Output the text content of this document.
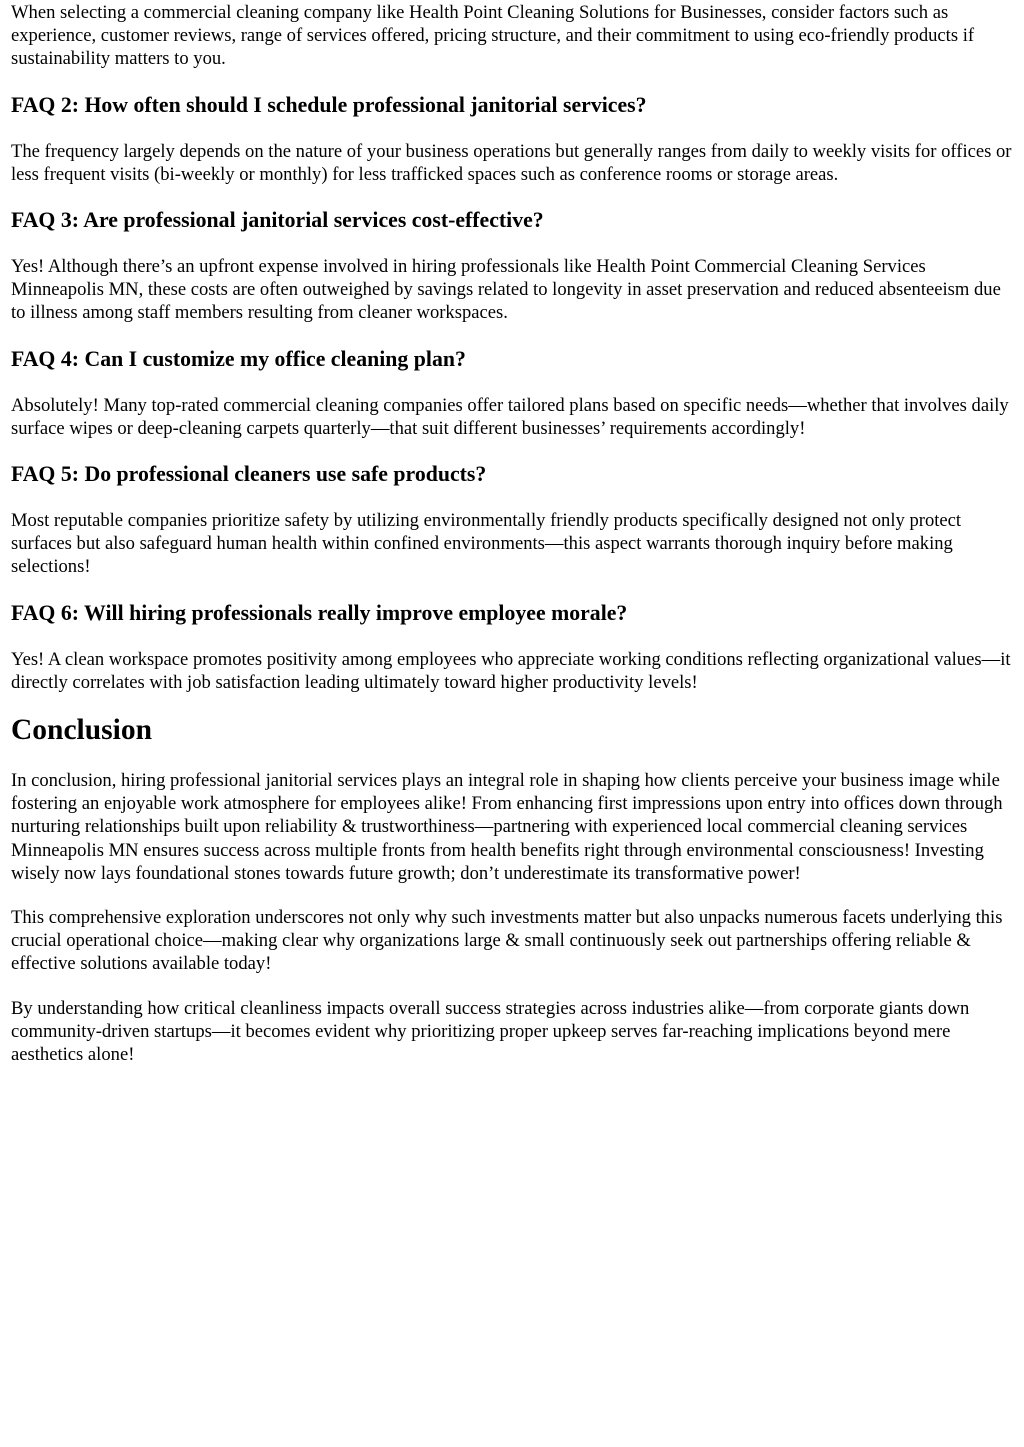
When selecting a commercial cleaning company like Health Point Cleaning Solutions for Businesses, consider factors such as experience, customer reviews, range of services offered, pricing structure, and their commitment to using eco-friendly products if sustainability matters to you.

FAQ 2: How often should I schedule professional janitorial services?

The frequency largely depends on the nature of your business operations but generally ranges from daily to weekly visits for offices or less frequent visits (bi-weekly or monthly) for less trafficked spaces such as conference rooms or storage areas.

FAQ 3: Are professional janitorial services cost-effective?

Yes! Although there’s an upfront expense involved in hiring professionals like Health Point Commercial Cleaning Services Minneapolis MN, these costs are often outweighed by savings related to longevity in asset preservation and reduced absenteeism due to illness among staff members resulting from cleaner workspaces.

FAQ 4: Can I customize my office cleaning plan?

Absolutely! Many top-rated commercial cleaning companies offer tailored plans based on specific needs—whether that involves daily surface wipes or deep-cleaning carpets quarterly—that suit different businesses’ requirements accordingly!

FAQ 5: Do professional cleaners use safe products?

Most reputable companies prioritize safety by utilizing environmentally friendly products specifically designed not only protect surfaces but also safeguard human health within confined environments—this aspect warrants thorough inquiry before making selections!

FAQ 6: Will hiring professionals really improve employee morale?

Yes! A clean workspace promotes positivity among employees who appreciate working conditions reflecting organizational values—it directly correlates with job satisfaction leading ultimately toward higher productivity levels!

Conclusion

In conclusion, hiring professional janitorial services plays an integral role in shaping how clients perceive your business image while fostering an enjoyable work atmosphere for employees alike! From enhancing first impressions upon entry into offices down through nurturing relationships built upon reliability & trustworthiness—partnering with experienced local commercial cleaning services Minneapolis MN ensures success across multiple fronts from health benefits right through environmental consciousness! Investing wisely now lays foundational stones towards future growth; don’t underestimate its transformative power!

This comprehensive exploration underscores not only why such investments matter but also unpacks numerous facets underlying this crucial operational choice—making clear why organizations large & small continuously seek out partnerships offering reliable & effective solutions available today!

By understanding how critical cleanliness impacts overall success strategies across industries alike—from corporate giants down community-driven startups—it becomes evident why prioritizing proper upkeep serves far-reaching implications beyond mere aesthetics alone!
